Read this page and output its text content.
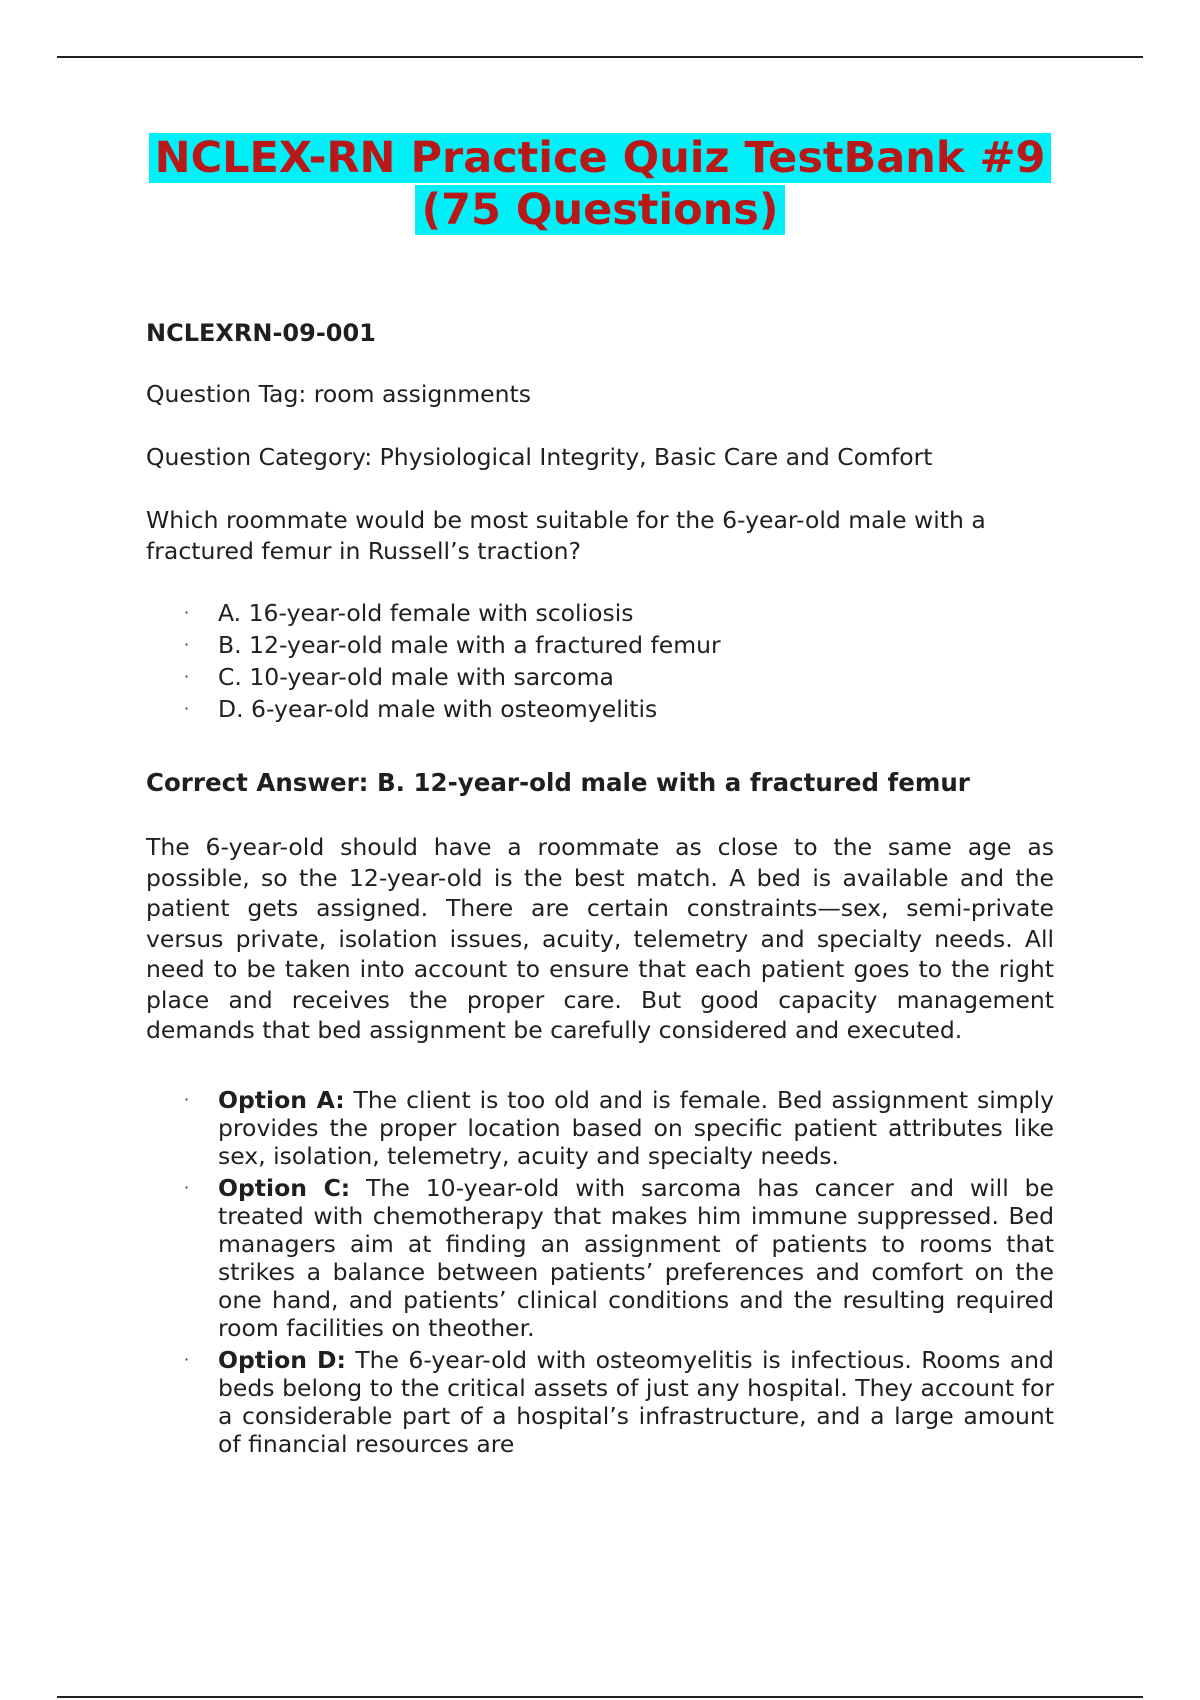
NCLEX-RN Practice Quiz TestBank #9
(75 Questions)
NCLEXRN-09-001
Question Tag: room assignments
Question Category: Physiological Integrity, Basic Care and Comfort
Which roommate would be most suitable for the 6-year-old male with a fractured femur in Russell’s traction?
· A. 16-year-old female with scoliosis
· B. 12-year-old male with a fractured femur
· C. 10-year-old male with sarcoma
· D. 6-year-old male with osteomyelitis
Correct Answer: B. 12-year-old male with a fractured femur
The 6-year-old should have a roommate as close to the same age as possible, so the 12-year-old is the best match. A bed is available and the patient gets assigned. There are certain constraints—sex, semi-private versus private, isolation issues, acuity, telemetry and specialty needs. All need to be taken into account to ensure that each patient goes to the right place and receives the proper care. But good capacity management demands that bed assignment be carefully considered and executed.
· Option A: The client is too old and is female. Bed assignment simply provides the proper location based on specific patient attributes like sex, isolation, telemetry, acuity and specialty needs.
· Option C: The 10-year-old with sarcoma has cancer and will be treated with chemotherapy that makes him immune suppressed. Bed managers aim at finding an assignment of patients to rooms that strikes a balance between patients’ preferences and comfort on the one hand, and patients’ clinical conditions and the resulting required room facilities on theother.
· Option D: The 6-year-old with osteomyelitis is infectious. Rooms and beds belong to the critical assets of just any hospital. They account for a considerable part of a hospital’s infrastructure, and a large amount of financial resources are
